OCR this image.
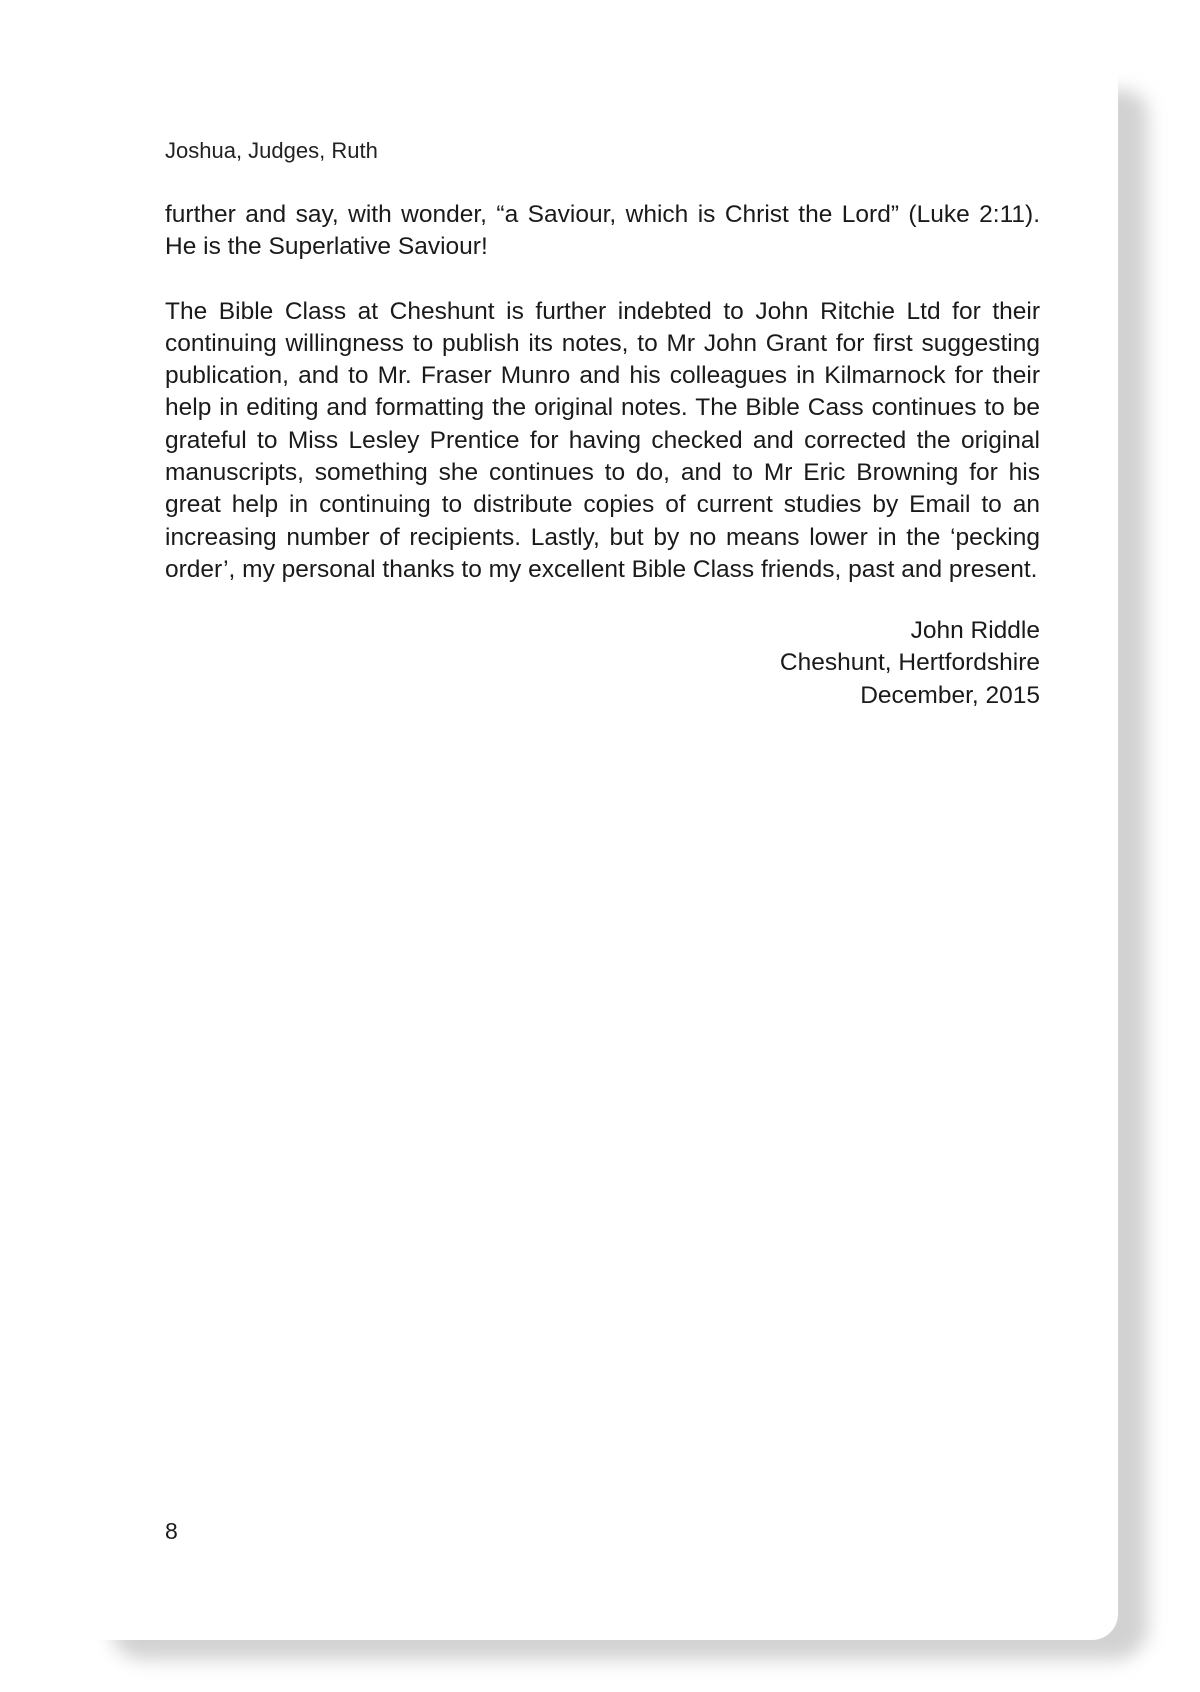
Joshua, Judges, Ruth

further and say, with wonder, “a Saviour, which is Christ the Lord” (Luke 2:11). He is the Superlative Saviour!

The Bible Class at Cheshunt is further indebted to John Ritchie Ltd for their continuing willingness to publish its notes, to Mr John Grant for first suggesting publication, and to Mr. Fraser Munro and his colleagues in Kilmarnock for their help in editing and formatting the original notes. The Bible Cass continues to be grateful to Miss Lesley Prentice for having checked and corrected the original manuscripts, something she continues to do, and to Mr Eric Browning for his great help in continuing to distribute copies of current studies by Email to an increasing number of recipients. Lastly, but by no means lower in the ‘pecking order’, my personal thanks to my excellent Bible Class friends, past and present.

John Riddle
Cheshunt, Hertfordshire
December, 2015
8
